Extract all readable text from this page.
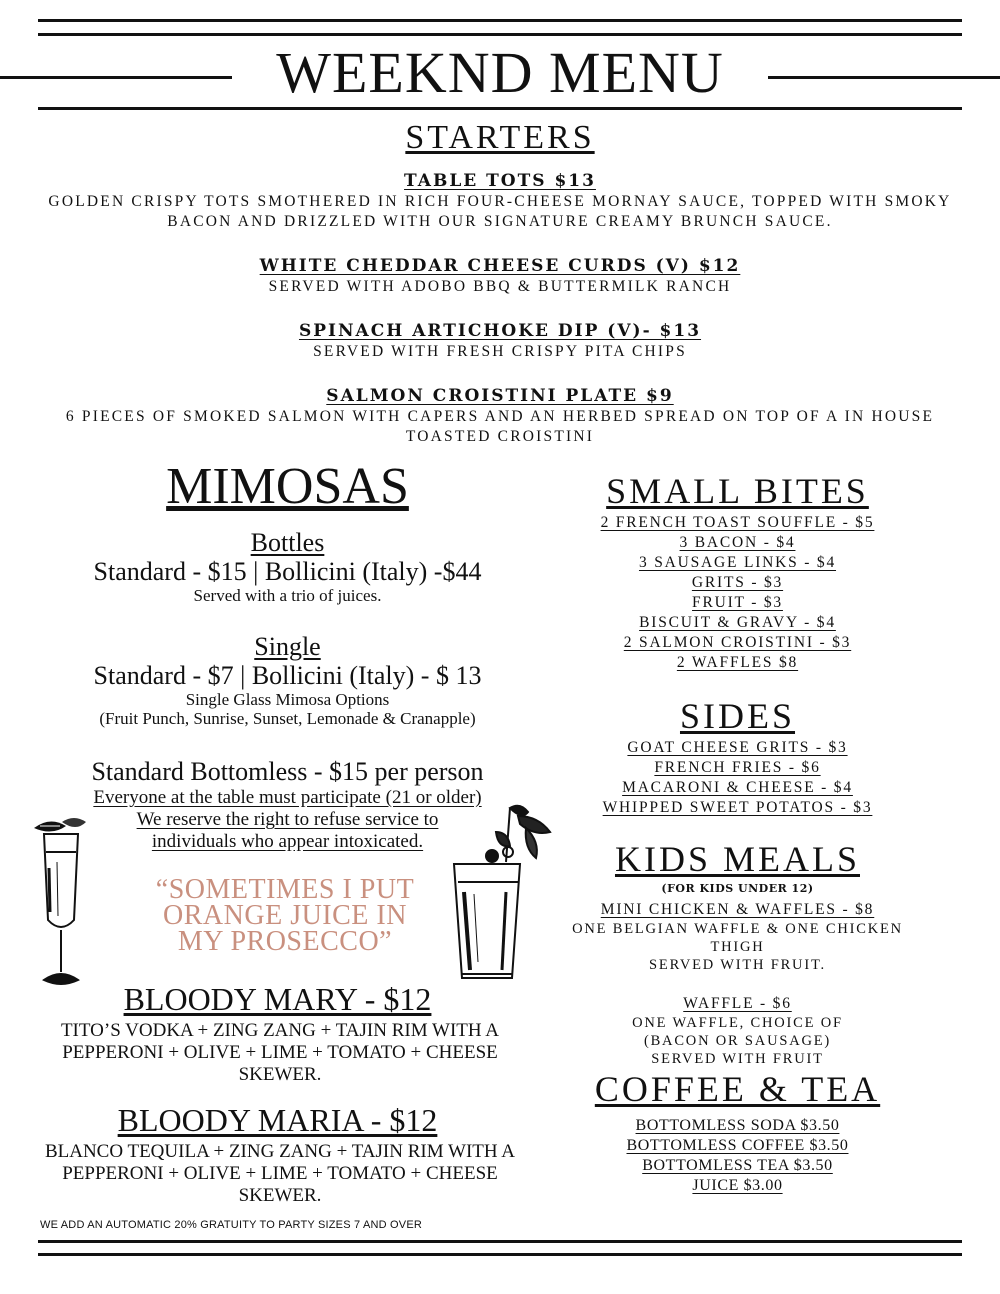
WEEKND MENU
STARTERS
TABLE TOTS $13
GOLDEN CRISPY TOTS SMOTHERED IN RICH FOUR-CHEESE MORNAY SAUCE, TOPPED WITH SMOKY BACON AND DRIZZLED WITH OUR SIGNATURE CREAMY BRUNCH SAUCE.
WHITE CHEDDAR CHEESE CURDS (V) $12
SERVED WITH ADOBO BBQ & BUTTERMILK RANCH
SPINACH ARTICHOKE DIP (V)- $13
SERVED WITH FRESH CRISPY PITA CHIPS
SALMON CROISTINI PLATE $9
6 PIECES OF SMOKED SALMON WITH CAPERS AND AN HERBED SPREAD ON TOP OF A IN HOUSE TOASTED CROISTINI
MIMOSAS
Bottles
Standard - $15 | Bollicini (Italy) -$44
Served with a trio of juices.
Single
Standard - $7 | Bollicini (Italy) - $ 13
Single Glass Mimosa Options
(Fruit Punch, Sunrise, Sunset, Lemonade & Cranapple)
Standard Bottomless - $15 per person
Everyone at the table must participate (21 or older)
We reserve the right to refuse service to
individuals who appear intoxicated.
“SOMETIMES I PUT
ORANGE JUICE IN
MY PROSECCO”
BLOODY MARY - $12
TITO’S VODKA + ZING ZANG + TAJIN RIM WITH A PEPPERONI + OLIVE + LIME + TOMATO + CHEESE SKEWER.
BLOODY MARIA - $12
BLANCO TEQUILA + ZING ZANG + TAJIN RIM WITH A PEPPERONI + OLIVE + LIME + TOMATO + CHEESE SKEWER.
WE ADD AN AUTOMATIC 20% GRATUITY TO PARTY SIZES 7 AND OVER
SMALL BITES
2 FRENCH TOAST SOUFFLE - $5
3 BACON - $4
3 SAUSAGE LINKS - $4
GRITS - $3
FRUIT - $3
BISCUIT & GRAVY - $4
2 SALMON CROISTINI - $3
2 WAFFLES $8
SIDES
GOAT CHEESE GRITS - $3
FRENCH FRIES - $6
MACARONI & CHEESE - $4
WHIPPED SWEET POTATOS - $3
KIDS MEALS
(FOR KIDS UNDER 12)
MINI CHICKEN & WAFFLES - $8
ONE BELGIAN WAFFLE & ONE CHICKEN THIGH
SERVED WITH FRUIT.
WAFFLE - $6
ONE WAFFLE, CHOICE OF
(BACON OR SAUSAGE)
SERVED WITH FRUIT
COFFEE & TEA
BOTTOMLESS SODA $3.50
BOTTOMLESS COFFEE $3.50
BOTTOMLESS TEA $3.50
JUICE $3.00
